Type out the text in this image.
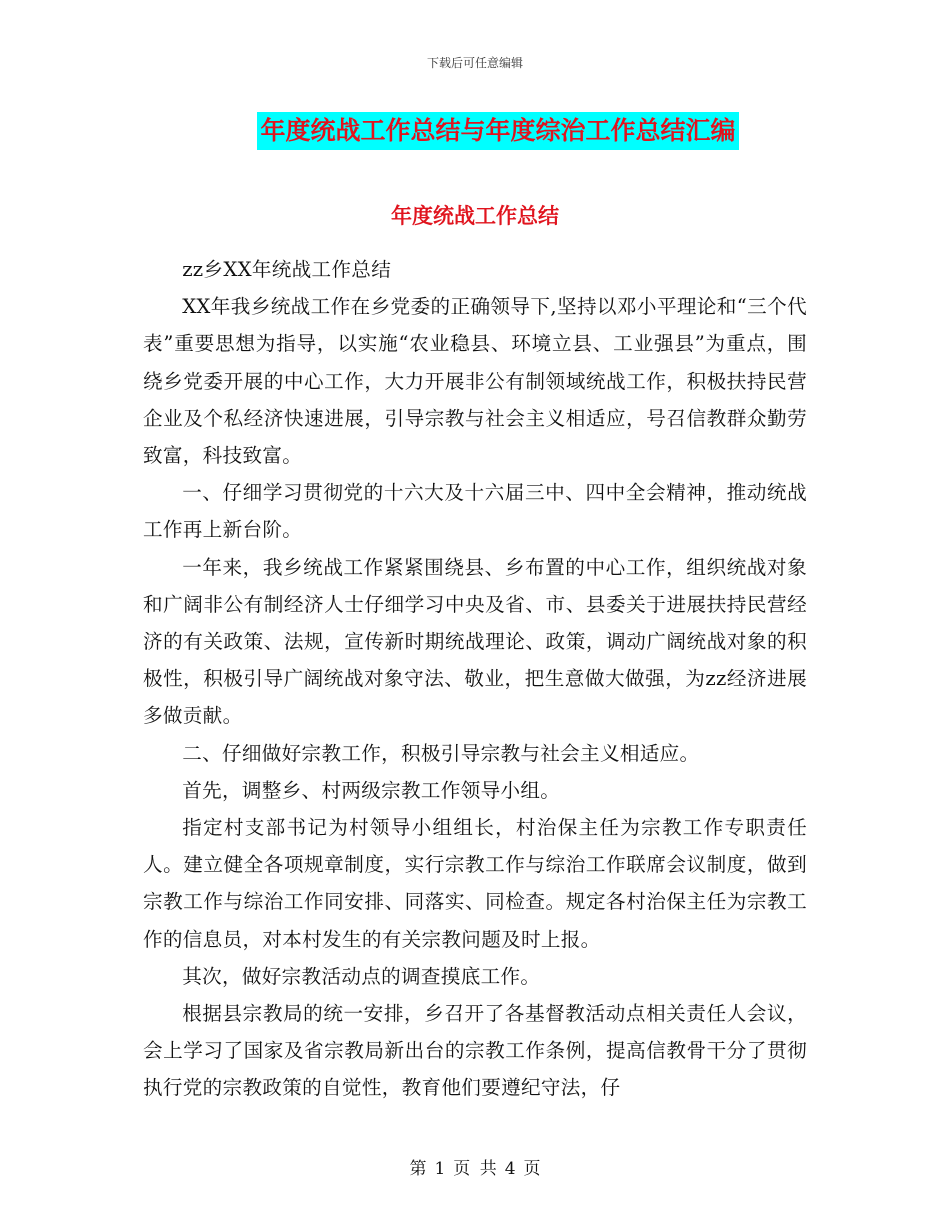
下载后可任意编辑
年度统战工作总结与年度综治工作总结汇编
年度统战工作总结

zz乡XX年统战工作总结

XX年我乡统战工作在乡党委的正确领导下,坚持以邓小平理论和“三个代表”重要思想为指导，以实施“农业稳县、环境立县、工业强县”为重点，围绕乡党委开展的中心工作，大力开展非公有制领域统战工作，积极扶持民营企业及个私经济快速进展，引导宗教与社会主义相适应，号召信教群众勤劳致富，科技致富。

一、仔细学习贯彻党的十六大及十六届三中、四中全会精神，推动统战工作再上新台阶。

一年来，我乡统战工作紧紧围绕县、乡布置的中心工作，组织统战对象和广阔非公有制经济人士仔细学习中央及省、市、县委关于进展扶持民营经济的有关政策、法规，宣传新时期统战理论、政策，调动广阔统战对象的积极性，积极引导广阔统战对象守法、敬业，把生意做大做强，为zz经济进展多做贡献。

二、仔细做好宗教工作，积极引导宗教与社会主义相适应。

首先，调整乡、村两级宗教工作领导小组。

指定村支部书记为村领导小组组长，村治保主任为宗教工作专职责任人。建立健全各项规章制度，实行宗教工作与综治工作联席会议制度，做到宗教工作与综治工作同安排、同落实、同检查。规定各村治保主任为宗教工作的信息员，对本村发生的有关宗教问题及时上报。

其次，做好宗教活动点的调查摸底工作。

根据县宗教局的统一安排，乡召开了各基督教活动点相关责任人会议，会上学习了国家及省宗教局新出台的宗教工作条例，提高信教骨干分了贯彻执行党的宗教政策的自觉性，教育他们要遵纪守法，仔

第 1 页 共 4 页
